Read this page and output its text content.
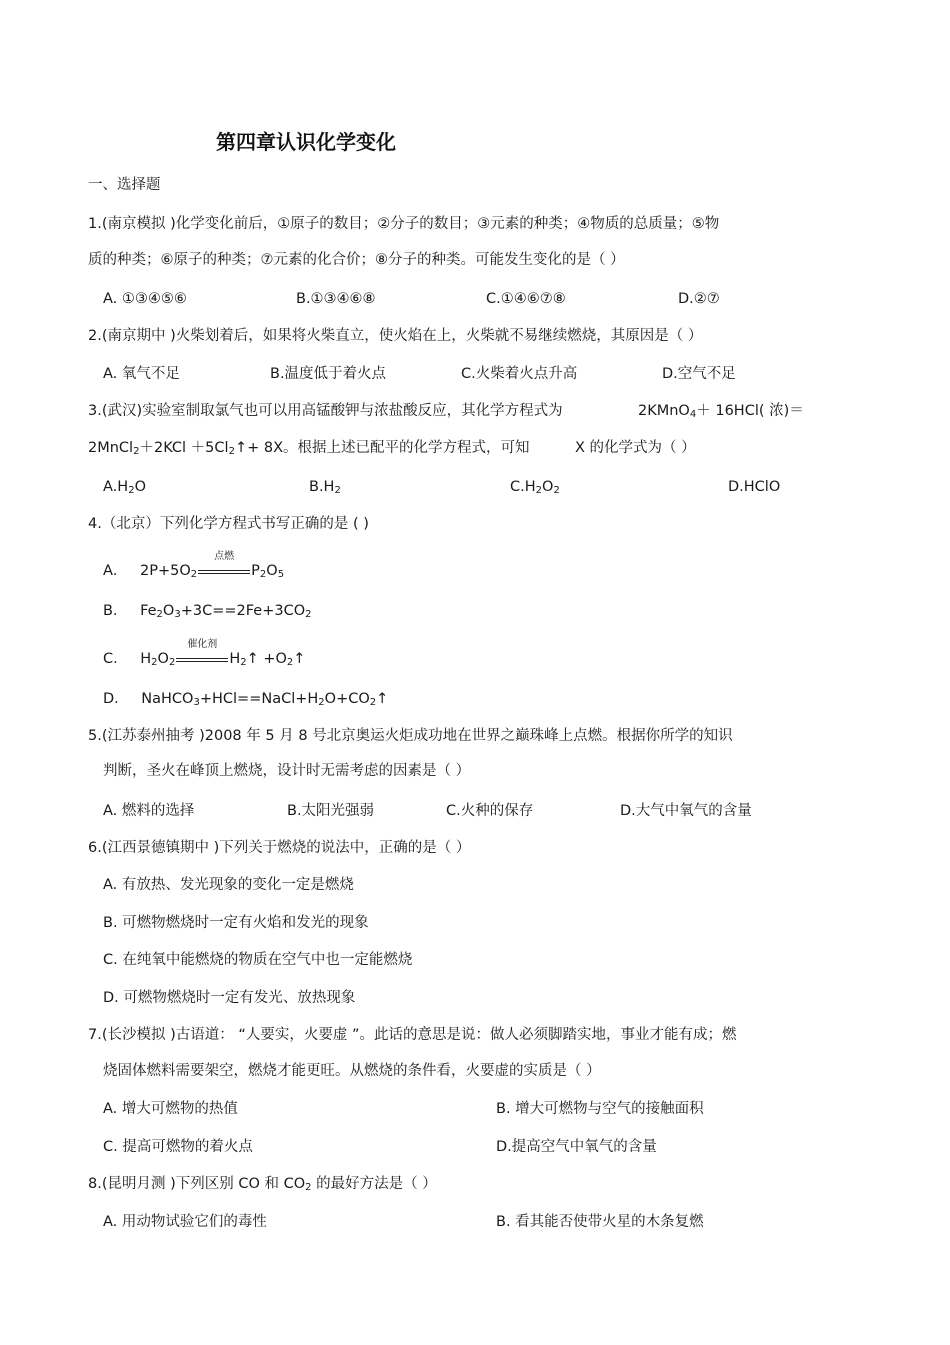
第四章认识化学变化
一、选择题
1.(南京模拟 )化学变化前后，①原子的数目；②分子的数目；③元素的种类；④物质的总质量；⑤物
质的种类；⑥原子的种类；⑦元素的化合价；⑧分子的种类。可能发生变化的是（ ）
A. ①③④⑤⑥	B.①③④⑥⑧	C.①④⑥⑦⑧	D.②⑦
2.(南京期中 )火柴划着后，如果将火柴直立，使火焰在上，火柴就不易继续燃烧，其原因是（ ）
A. 氧气不足	B.温度低于着火点	C.火柴着火点升高	D.空气不足
3.(武汉)实验室制取氯气也可以用高锰酸钾与浓盐酸反应，其化学方程式为	2KMnO$_4$＋ 16HCl( 浓)＝
2MnCl$_2$＋2KCl $+5Cl_2↑+ 8X$。根据上述已配平的化学方程式，可知	X 的化学式为（ ）
$A.H_2O$	$B.H_2$	$C.H_2O_2$	D.HClO
4.（北京）下列化学方程式书写正确的是 ( )
A． $2P+5O_2$
点燃
$P_2O_5$
B． $Fe_2O_3+3C==2Fe+3CO_2$
C． $H_2O_2$
催化剂
$H_2↑$ $+O_2↑$
D． $NaHCO_3+HCl==NaCl+H_2O+CO_2↑$
5.(江苏泰州抽考 )2008 年 5 月 8 号北京奥运火炬成功地在世界之巅珠峰上点燃。根据你所学的知识
判断，圣火在峰顶上燃烧，设计时无需考虑的因素是（ ）
A. 燃料的选择	B.太阳光强弱	C.火种的保存	D.大气中氧气的含量
6.(江西景德镇期中 )下列关于燃烧的说法中，正确的是（ ）
A. 有放热、发光现象的变化一定是燃烧
B. 可燃物燃烧时一定有火焰和发光的现象
C. 在纯氧中能燃烧的物质在空气中也一定能燃烧
D. 可燃物燃烧时一定有发光、放热现象
7.(长沙模拟 )古语道： “人要实，火要虚 ”。此话的意思是说：做人必须脚踏实地，事业才能有成；燃
烧固体燃料需要架空，燃烧才能更旺。从燃烧的条件看，火要虚的实质是（ ）
A. 增大可燃物的热值	B. 增大可燃物与空气的接触面积
C. 提高可燃物的着火点	D.提高空气中氧气的含量
8.(昆明月测 )下列区别 CO 和 $CO_2$ 的最好方法是（ ）
A. 用动物试验它们的毒性	B. 看其能否使带火星的木条复燃
